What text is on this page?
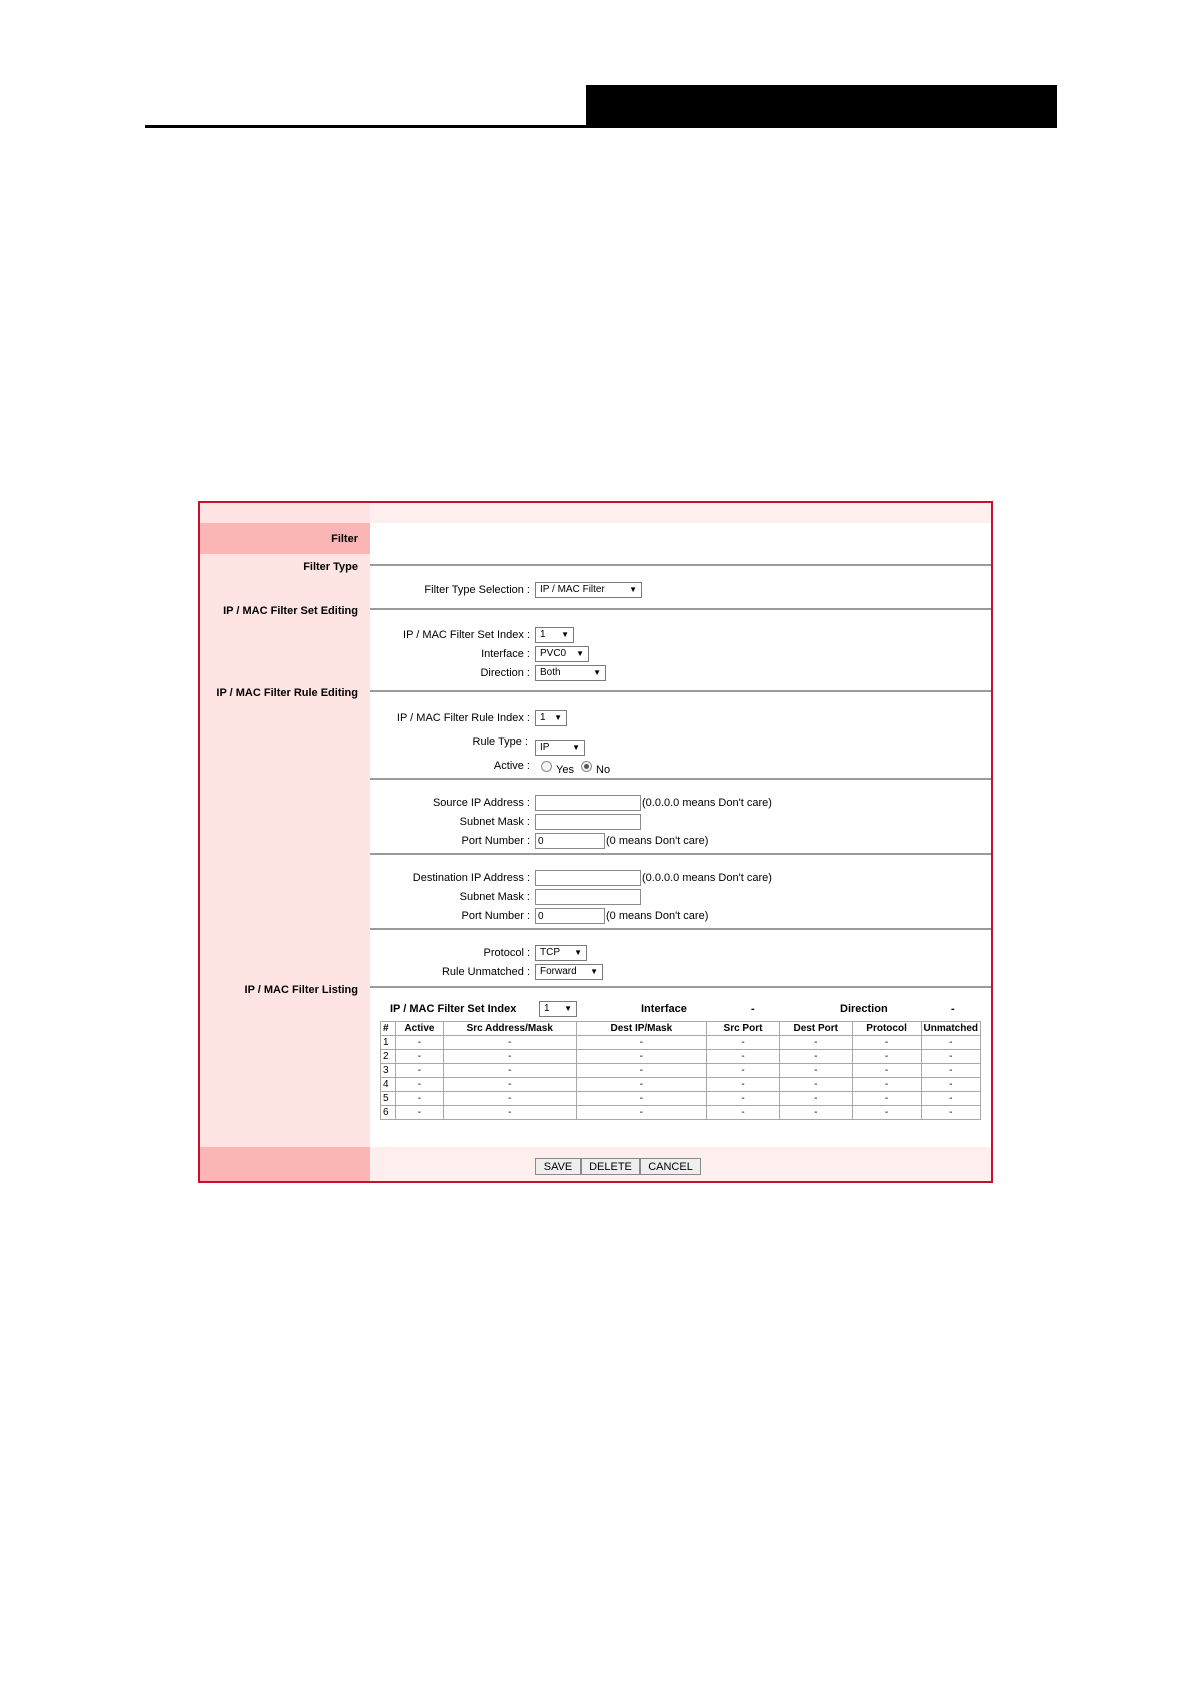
Filter
Filter Type
IP / MAC Filter Set Editing
IP / MAC Filter Rule Editing
IP / MAC Filter Listing
Filter Type Selection :	IP / MAC Filter	▼
IP / MAC Filter Set Index :	1 ▼
Interface :	PVC0 ▼
Direction :	Both	▼
IP / MAC Filter Rule Index :	1 ▼
Rule Type :	IP	▼
Active : Yes No
Source IP Address :	(0.0.0.0 means Don't care)
Subnet Mask :
Port Number : 0	(0 means Don't care)
Destination IP Address :	(0.0.0.0 means Don't care)
Subnet Mask :
Port Number : 0	(0 means Don't care)
Protocol :	TCP ▼
Rule Unmatched :	Forward ▼
IP / MAC Filter Set Index	1 ▼	Interface	-	Direction	-
#	Active	Src Address/Mask	Dest IP/Mask	Src Port	Dest Port	Protocol	Unmatched
1	-	-	-	-	-	-	-
2	-	-	-	-	-	-	-
3	-	-	-	-	-	-	-
4	-	-	-	-	-	-	-
5	-	-	-	-	-	-	-
6	-	-	-	-	-	-	-
SAVE	DELETE	CANCEL
